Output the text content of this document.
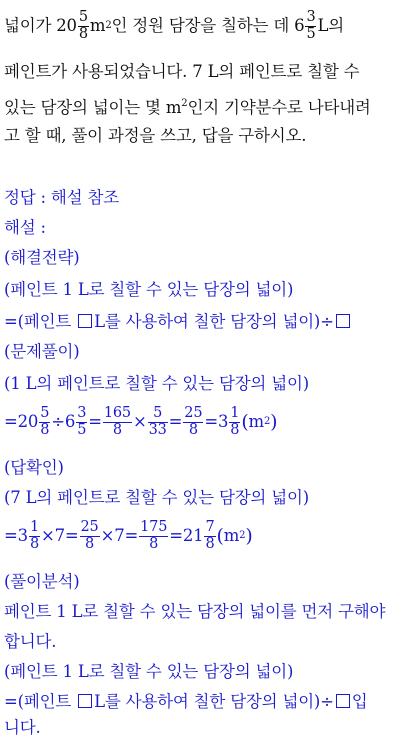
넓이가 $20 \frac{5}{8}$ m 2 인 정원 담장을 칠하는 데 $6 \frac{3}{5}$ L의
페인트가 사용되었습니다. 7 L의 페인트로 칠할 수
있는 담장의 넓이는 몇 $m^2$인지 기약분수로 나타내려
고 할 때, 풀이 과정을 쓰고, 답을 구하시오.
정답 : 해설 참조
해설 :
(해결전략)
(페인트 1 L로 칠할 수 있는 담장의 넓이)
=(페인트 L를 사용하여 칠한 담장의 넓이)÷
(문제풀이)
(1 L의 페인트로 칠할 수 있는 담장의 넓이)
$=20 \frac{5}{8} \div 6 \frac{3}{5} = \frac{165}{8} \times \frac{5}{33} = \frac{25}{8} =3 \frac{1}{8}$ ( m 2 )
(답확인)
(7 L의 페인트로 칠할 수 있는 담장의 넓이)
$=3 \frac{1}{8} \times 7= \frac{25}{8} \times 7= \frac{175}{8} =21 \frac{7}{8}$ ( m 2 )
(풀이분석)
페인트 1 L로 칠할 수 있는 담장의 넓이를 먼저 구해야
합니다.
(페인트 1 L로 칠할 수 있는 담장의 넓이)
=(페인트 L를 사용하여 칠한 담장의 넓이)÷ 입
니다.
